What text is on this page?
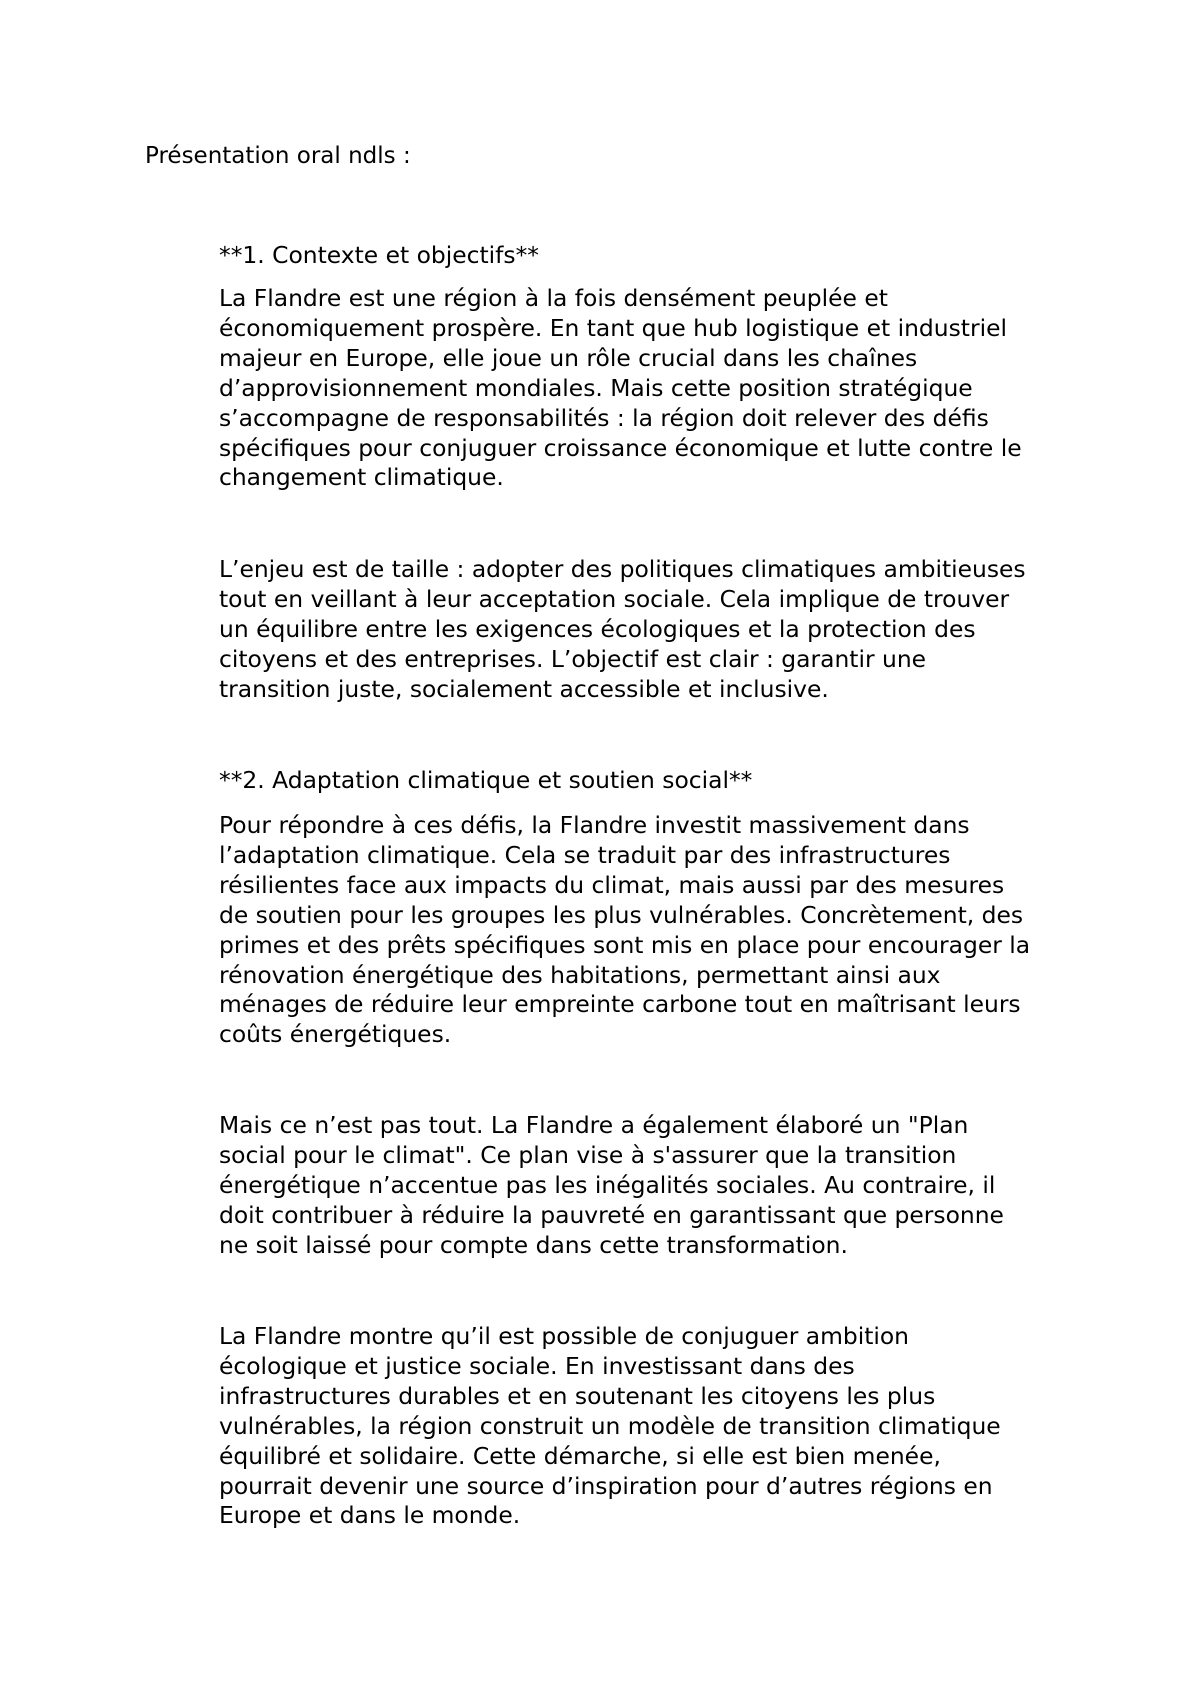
Présentation oral ndls :

**1. Contexte et objectifs**

La Flandre est une région à la fois densément peuplée et
économiquement prospère. En tant que hub logistique et industriel
majeur en Europe, elle joue un rôle crucial dans les chaînes
d’approvisionnement mondiales. Mais cette position stratégique
s’accompagne de responsabilités : la région doit relever des défis
spécifiques pour conjuguer croissance économique et lutte contre le
changement climatique.

L’enjeu est de taille : adopter des politiques climatiques ambitieuses
tout en veillant à leur acceptation sociale. Cela implique de trouver
un équilibre entre les exigences écologiques et la protection des
citoyens et des entreprises. L’objectif est clair : garantir une
transition juste, socialement accessible et inclusive.

**2. Adaptation climatique et soutien social**

Pour répondre à ces défis, la Flandre investit massivement dans
l’adaptation climatique. Cela se traduit par des infrastructures
résilientes face aux impacts du climat, mais aussi par des mesures
de soutien pour les groupes les plus vulnérables. Concrètement, des
primes et des prêts spécifiques sont mis en place pour encourager la
rénovation énergétique des habitations, permettant ainsi aux
ménages de réduire leur empreinte carbone tout en maîtrisant leurs
coûts énergétiques.

Mais ce n’est pas tout. La Flandre a également élaboré un "Plan
social pour le climat". Ce plan vise à s'assurer que la transition
énergétique n’accentue pas les inégalités sociales. Au contraire, il
doit contribuer à réduire la pauvreté en garantissant que personne
ne soit laissé pour compte dans cette transformation.

La Flandre montre qu’il est possible de conjuguer ambition
écologique et justice sociale. En investissant dans des
infrastructures durables et en soutenant les citoyens les plus
vulnérables, la région construit un modèle de transition climatique
équilibré et solidaire. Cette démarche, si elle est bien menée,
pourrait devenir une source d’inspiration pour d’autres régions en
Europe et dans le monde.
